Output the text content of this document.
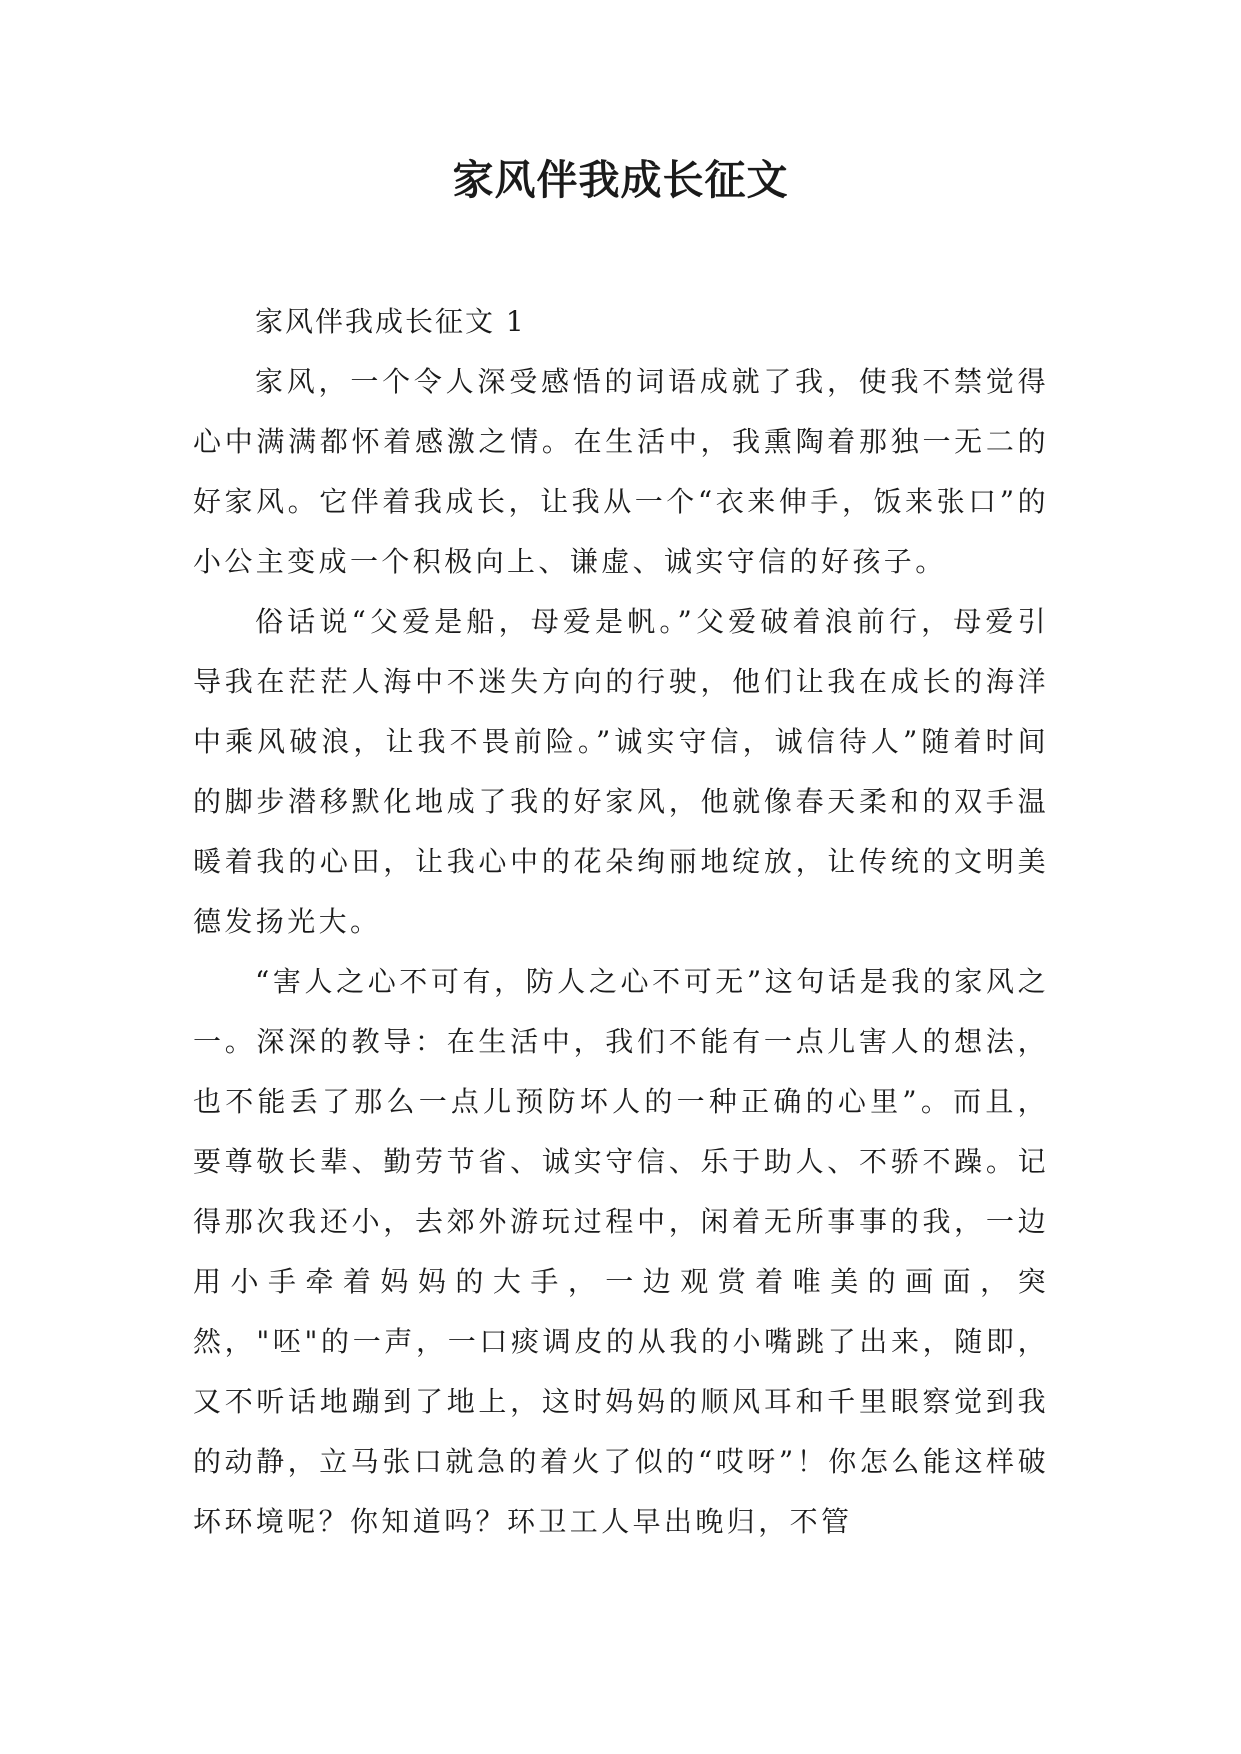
家风伴我成长征文

家风伴我成长征文 1

家风，一个令人深受感悟的词语成就了我，使我不禁觉得心中满满都怀着感激之情。在生活中，我熏陶着那独一无二的好家风。它伴着我成长，让我从一个“衣来伸手，饭来张口”的小公主变成一个积极向上、谦虚、诚实守信的好孩子。

俗话说“父爱是船，母爱是帆。”父爱破着浪前行，母爱引导我在茫茫人海中不迷失方向的行驶，他们让我在成长的海洋中乘风破浪，让我不畏前险。”诚实守信，诚信待人”随着时间的脚步潜移默化地成了我的好家风，他就像春天柔和的双手温暖着我的心田，让我心中的花朵绚丽地绽放，让传统的文明美德发扬光大。

“害人之心不可有，防人之心不可无”这句话是我的家风之一。深深的教导：在生活中，我们不能有一点儿害人的想法，也不能丢了那么一点儿预防坏人的一种正确的心里”。而且，要尊敬长辈、勤劳节省、诚实守信、乐于助人、不骄不躁。记得那次我还小，去郊外游玩过程中，闲着无所事事的我，一边用小手牵着妈妈的大手，一边观赏着唯美的画面，突然，"呸"的一声，一口痰调皮的从我的小嘴跳了出来，随即，又不听话地蹦到了地上，这时妈妈的顺风耳和千里眼察觉到我的动静，立马张口就急的着火了似的“哎呀”！你怎么能这样破坏环境呢？你知道吗？环卫工人早出晚归，不管
